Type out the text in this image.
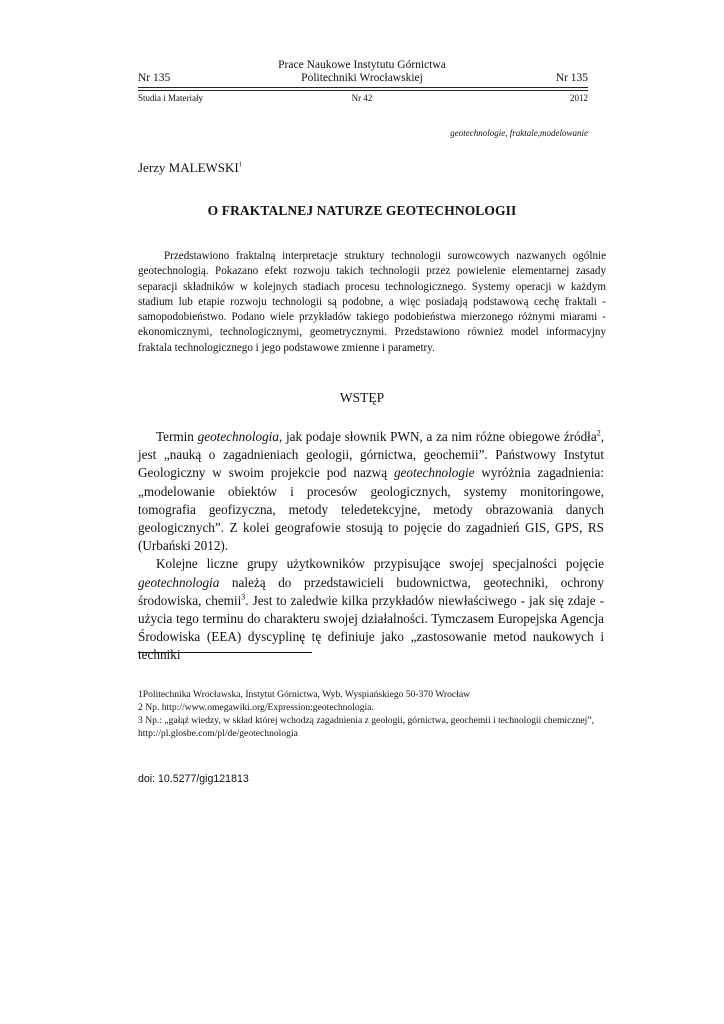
Prace Naukowe Instytutu Górnictwa
Politechniki Wrocławskiej
Nr 135	Nr 135
Studia i Materiały	Nr 42	2012
geotechnologie, fraktale,modelowanie
Jerzy MALEWSKI$^1$
O FRAKTALNEJ NATURZE GEOTECHNOLOGII

Przedstawiono fraktalną interpretacje struktury technologii surowcowych nazwanych ogólnie geotechnologią. Pokazano efekt rozwoju takich technologii przez powielenie elementarnej zasady separacji składników w kolejnych stadiach procesu technologicznego. Systemy operacji w każdym stadium lub etapie rozwoju technologii są podobne, a więc posiadają podstawową cechę fraktali - samopodobieństwo. Podano wiele przykładów takiego podobieństwa mierzonego różnymi miarami - ekonomicznymi, technologicznymi, geometrycznymi. Przedstawiono również model informacyjny fraktala technologicznego i jego podstawowe zmienne i parametry.

WSTĘP

Termin geotechnologia, jak podaje słownik PWN, a za nim różne obiegowe źródła$^2$, jest „nauką o zagadnieniach geologii, górnictwa, geochemii”. Państwowy Instytut Geologiczny w swoim projekcie pod nazwą geotechnologie wyróżnia zagadnienia: „modelowanie obiektów i procesów geologicznych, systemy monitoringowe, tomografia geofizyczna, metody teledetekcyjne, metody obrazowania danych geologicznych”. Z kolei geografowie stosują to pojęcie do zagadnień GIS, GPS, RS (Urbański 2012).

Kolejne liczne grupy użytkowników przypisujące swojej specjalności pojęcie geotechnologia należą do przedstawicieli budownictwa, geotechniki, ochrony środowiska, chemii$^3$. Jest to zaledwie kilka przykładów niewłaściwego - jak się zdaje - użycia tego terminu do charakteru swojej działalności. Tymczasem Europejska Agencja Środowiska (EEA) dyscyplinę tę definiuje jako „zastosowanie metod naukowych i techniki

1Politechnika Wrocławska, Instytut Górnictwa, Wyb. Wyspiańskiego 50-370 Wrocław
2 Np. http://www.omegawiki.org/Expression:geotechnologia.
3 Np.: „gałąź wiedzy, w skład której wchodzą zagadnienia z geologii, górnictwa, geochemii i technologii chemicznej”, http://pl.glosbe.com/pl/de/geotechnologia
doi: 10.5277/gig121813
